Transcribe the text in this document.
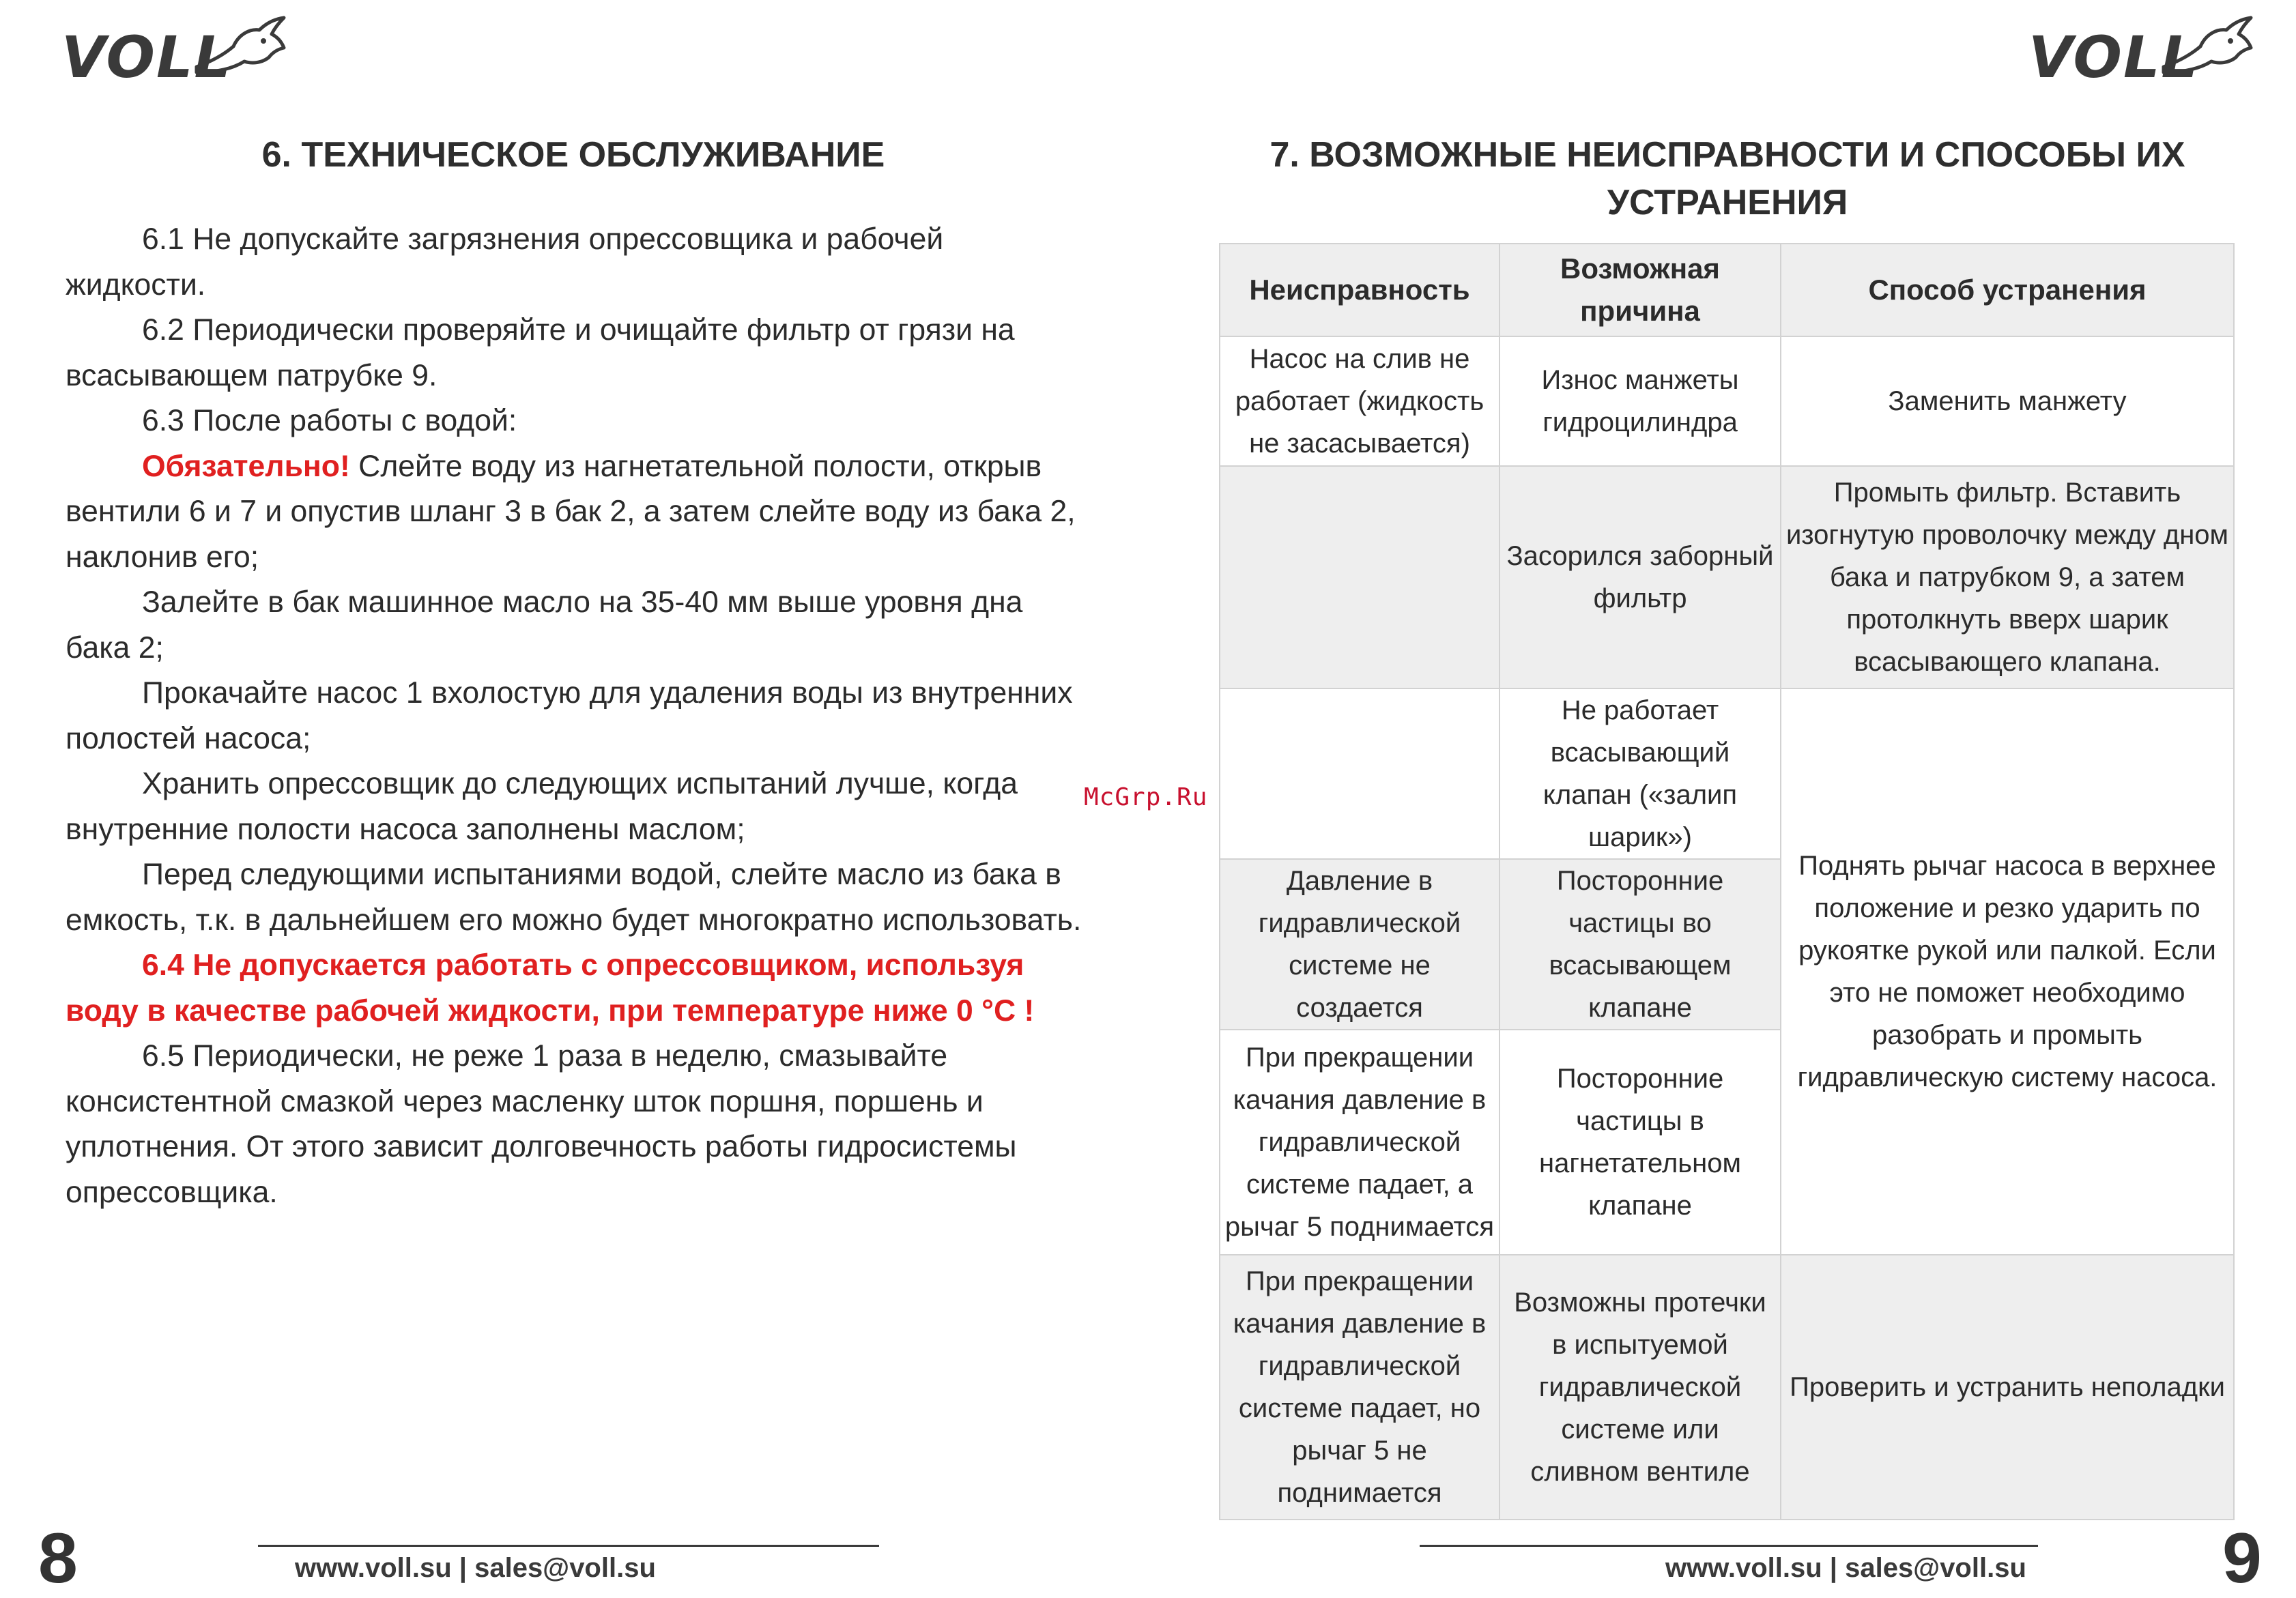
VOLL	VOLL
6. ТЕХНИЧЕСКОЕ ОБСЛУЖИВАНИЕ

6.1 Не допускайте загрязнения опрессовщика и рабочей жидкости.

6.2 Периодически проверяйте и очищайте фильтр от грязи на всасывающем патрубке 9.

6.3 После работы с водой:

Обязательно! Слейте воду из нагнетательной полости, открыв вентили 6 и 7 и опустив шланг 3 в бак 2, а затем слейте воду из бака 2, наклонив его;

Залейте в бак машинное масло на 35-40 мм выше уровня дна бака 2;

Прокачайте насос 1 вхолостую для удаления воды из внутренних полостей насоса;

Хранить опрессовщик до следующих испытаний лучше, когда внутренние полости насоса заполнены маслом;

Перед следующими испытаниями водой, слейте масло из бака в емкость, т.к. в дальнейшем его можно будет многократно использовать.

6.4 Не допускается работать с опрессовщиком, используя воду в качестве рабочей жидкости, при температуре ниже 0 °C !

6.5 Периодически, не реже 1 раза в неделю, смазывайте консистентной смазкой через масленку шток поршня, поршень и уплотнения. От этого зависит долговечность работы гидросистемы опрессовщика.

McGrp.Ru
7. ВОЗМОЖНЫЕ НЕИСПРАВНОСТИ И СПОСОБЫ ИХ УСТРАНЕНИЯ
Неисправность	Возможная причина	Способ устранения
Насос на слив не работает (жидкость не засасывается)	Износ манжеты гидроцилиндра	Заменить манжету
	Засорился заборный фильтр	Промыть фильтр. Вставить изогнутую проволочку между дном бака и патрубком 9, а затем протолкнуть вверх шарик всасывающего клапана.
	Не работает всасывающий клапан («залип шарик»)	Поднять рычаг насоса в верхнее положение и резко ударить по рукоятке рукой или палкой. Если это не поможет необходимо разобрать и промыть гидравлическую систему насоса.
Давление в гидравлической системе не создается	Посторонние частицы во всасывающем клапане	
При прекращении качания давление в гидравлической системе падает, а рычаг 5 поднимается	Посторонние частицы в нагнетательном клапане	
При прекращении качания давление в гидравлической системе падает, но рычаг 5 не поднимается	Возможны протечки в испытуемой гидравлической системе или сливном вентиле	Проверить и устранить неполадки
www.voll.su | sales@voll.su	www.voll.su | sales@voll.su
8	9
